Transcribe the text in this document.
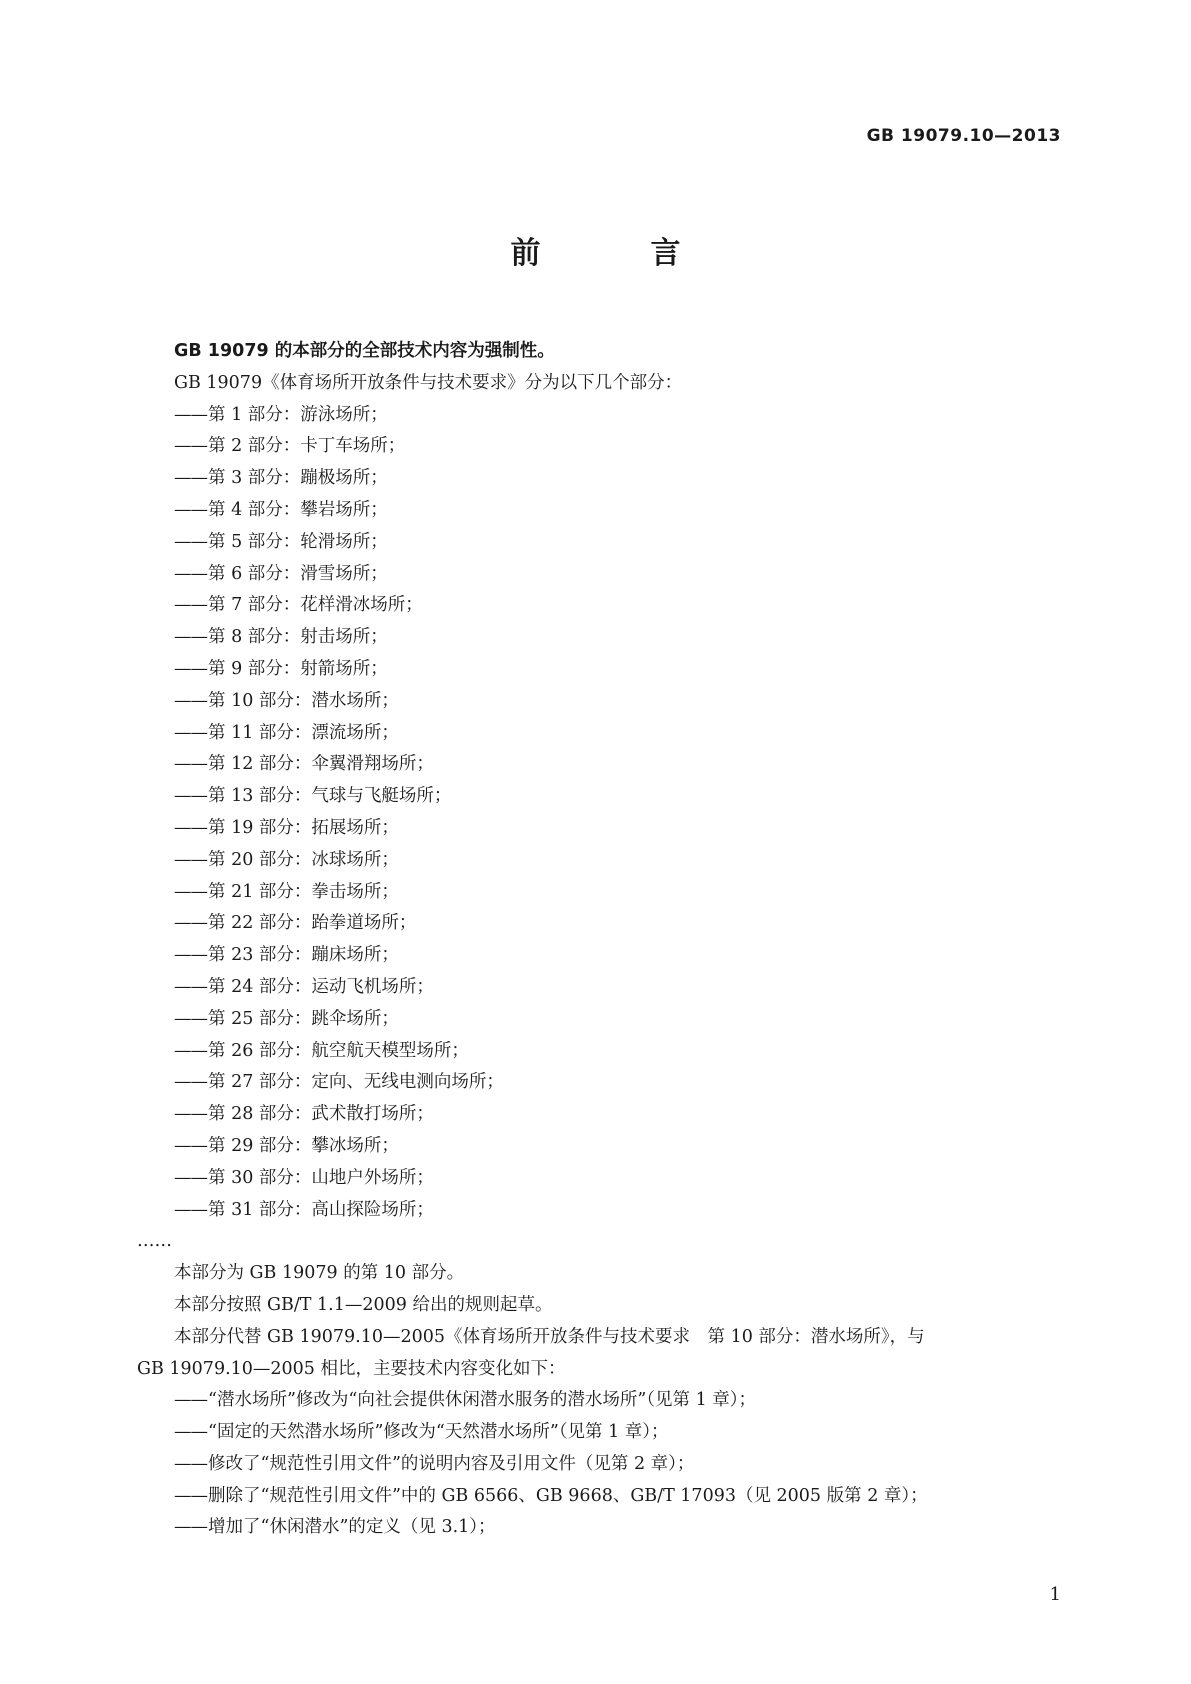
GB 19079.10—2013
前　言
GB 19079 的本部分的全部技术内容为强制性。
GB 19079《体育场所开放条件与技术要求》分为以下几个部分：
——第 1 部分：游泳场所；
——第 2 部分：卡丁车场所；
——第 3 部分：蹦极场所；
——第 4 部分：攀岩场所；
——第 5 部分：轮滑场所；
——第 6 部分：滑雪场所；
——第 7 部分：花样滑冰场所；
——第 8 部分：射击场所；
——第 9 部分：射箭场所；
——第 10 部分：潜水场所；
——第 11 部分：漂流场所；
——第 12 部分：伞翼滑翔场所；
——第 13 部分：气球与飞艇场所；
——第 19 部分：拓展场所；
——第 20 部分：冰球场所；
——第 21 部分：拳击场所；
——第 22 部分：跆拳道场所；
——第 23 部分：蹦床场所；
——第 24 部分：运动飞机场所；
——第 25 部分：跳伞场所；
——第 26 部分：航空航天模型场所；
——第 27 部分：定向、无线电测向场所；
——第 28 部分：武术散打场所；
——第 29 部分：攀冰场所；
——第 30 部分：山地户外场所；
——第 31 部分：高山探险场所；
……
本部分为 GB 19079 的第 10 部分。
本部分按照 GB/T 1.1—2009 给出的规则起草。
本部分代替 GB 19079.10—2005《体育场所开放条件与技术要求　第 10 部分：潜水场所》，与
GB 19079.10—2005 相比，主要技术内容变化如下：
——“潜水场所”修改为“向社会提供休闲潜水服务的潜水场所”（见第 1 章）；
——“固定的天然潜水场所”修改为“天然潜水场所”（见第 1 章）；
——修改了“规范性引用文件”的说明内容及引用文件（见第 2 章）；
——删除了“规范性引用文件”中的 GB 6566、GB 9668、GB/T 17093（见 2005 版第 2 章）；
——增加了“休闲潜水”的定义（见 3.1）；
1
